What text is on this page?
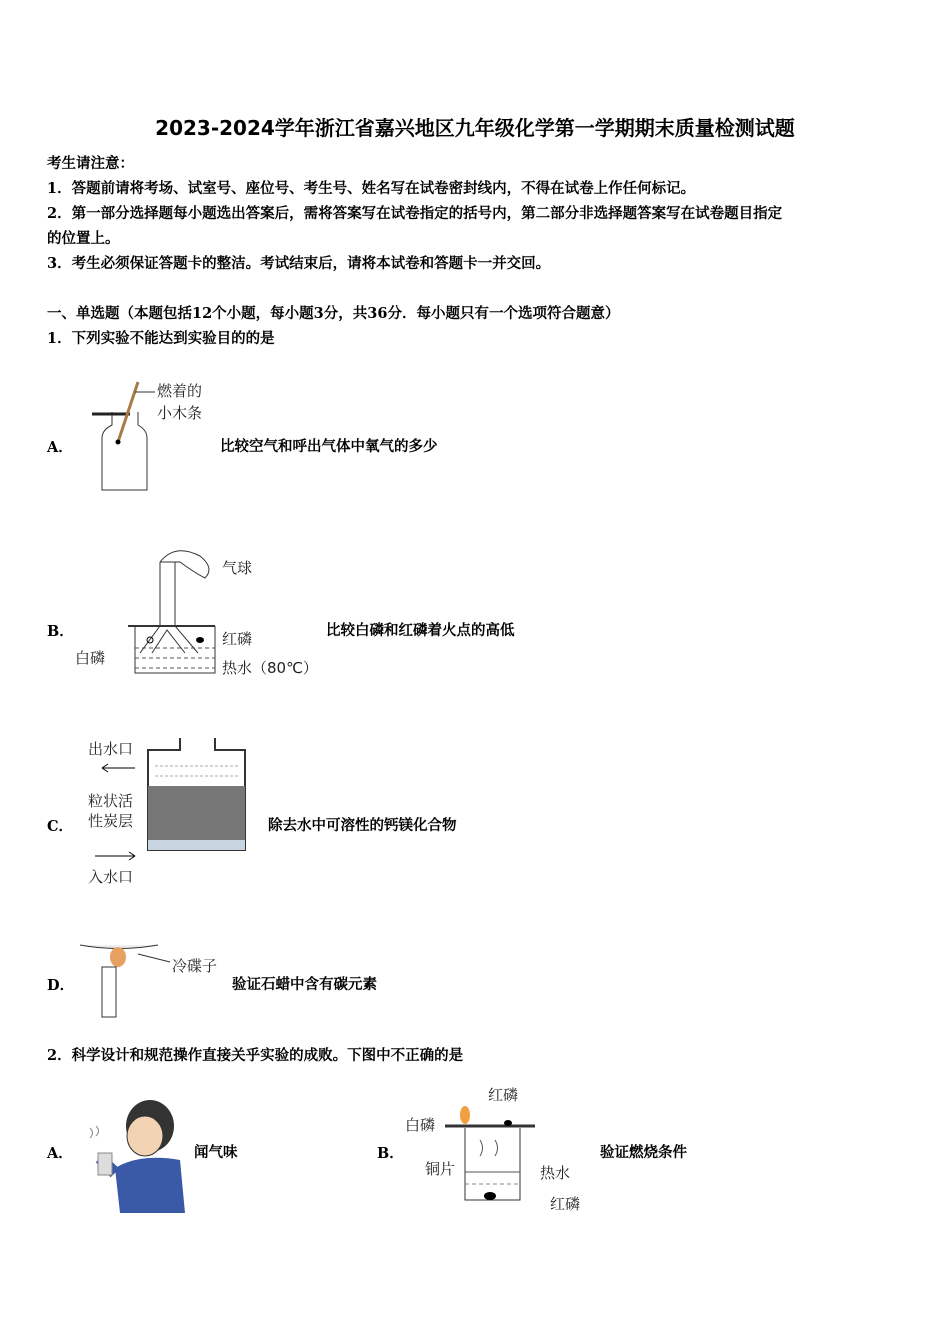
2023-2024学年浙江省嘉兴地区九年级化学第一学期期末质量检测试题
考生请注意：
1．答题前请将考场、试室号、座位号、考生号、姓名写在试卷密封线内，不得在试卷上作任何标记。
2．第一部分选择题每小题选出答案后，需将答案写在试卷指定的括号内，第二部分非选择题答案写在试卷题目指定
的位置上。
3．考生必须保证答题卡的整洁。考试结束后，请将本试卷和答题卡一并交回。
一、单选题（本题包括12个小题，每小题3分，共36分．每小题只有一个选项符合题意）
1．下列实验不能达到实验目的的是
A．	比较空气和呼出气体中氧气的多少
燃着的
小木条
B．	比较白磷和红磷着火点的高低
气球
红磷
白磷
热水（80℃）
C．	除去水中可溶性的钙镁化合物
出水口
粒状活
性炭层
入水口
D．	验证石蜡中含有碳元素
冷碟子
2．科学设计和规范操作直接关乎实验的成败。下图中不正确的是
A．	闻气味	B．	验证燃烧条件
红磷
白磷
铜片	热水
红磷
